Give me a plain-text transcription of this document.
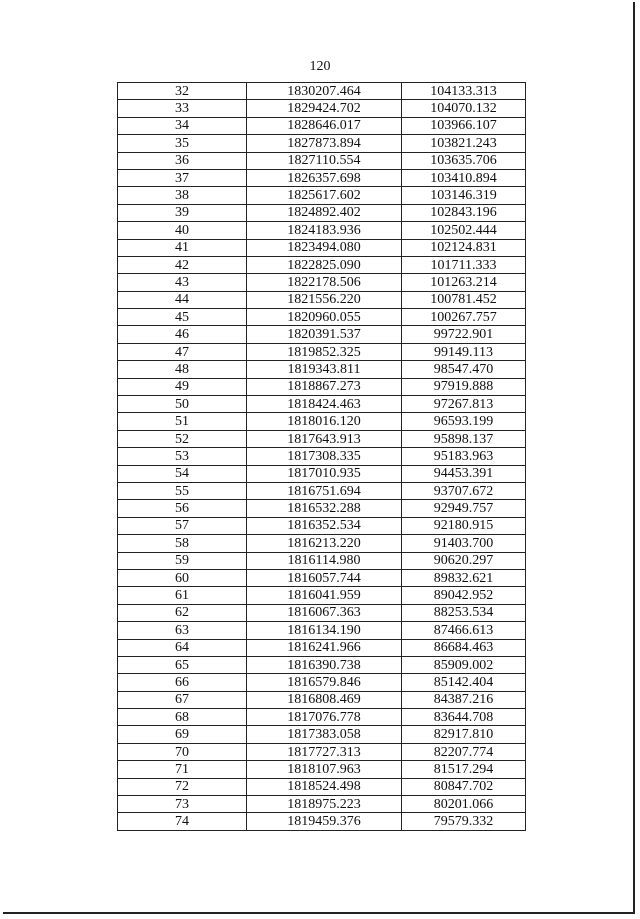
120
32	1830207.464	104133.313
33	1829424.702	104070.132
34	1828646.017	103966.107
35	1827873.894	103821.243
36	1827110.554	103635.706
37	1826357.698	103410.894
38	1825617.602	103146.319
39	1824892.402	102843.196
40	1824183.936	102502.444
41	1823494.080	102124.831
42	1822825.090	101711.333
43	1822178.506	101263.214
44	1821556.220	100781.452
45	1820960.055	100267.757
46	1820391.537	99722.901
47	1819852.325	99149.113
48	1819343.811	98547.470
49	1818867.273	97919.888
50	1818424.463	97267.813
51	1818016.120	96593.199
52	1817643.913	95898.137
53	1817308.335	95183.963
54	1817010.935	94453.391
55	1816751.694	93707.672
56	1816532.288	92949.757
57	1816352.534	92180.915
58	1816213.220	91403.700
59	1816114.980	90620.297
60	1816057.744	89832.621
61	1816041.959	89042.952
62	1816067.363	88253.534
63	1816134.190	87466.613
64	1816241.966	86684.463
65	1816390.738	85909.002
66	1816579.846	85142.404
67	1816808.469	84387.216
68	1817076.778	83644.708
69	1817383.058	82917.810
70	1817727.313	82207.774
71	1818107.963	81517.294
72	1818524.498	80847.702
73	1818975.223	80201.066
74	1819459.376	79579.332
